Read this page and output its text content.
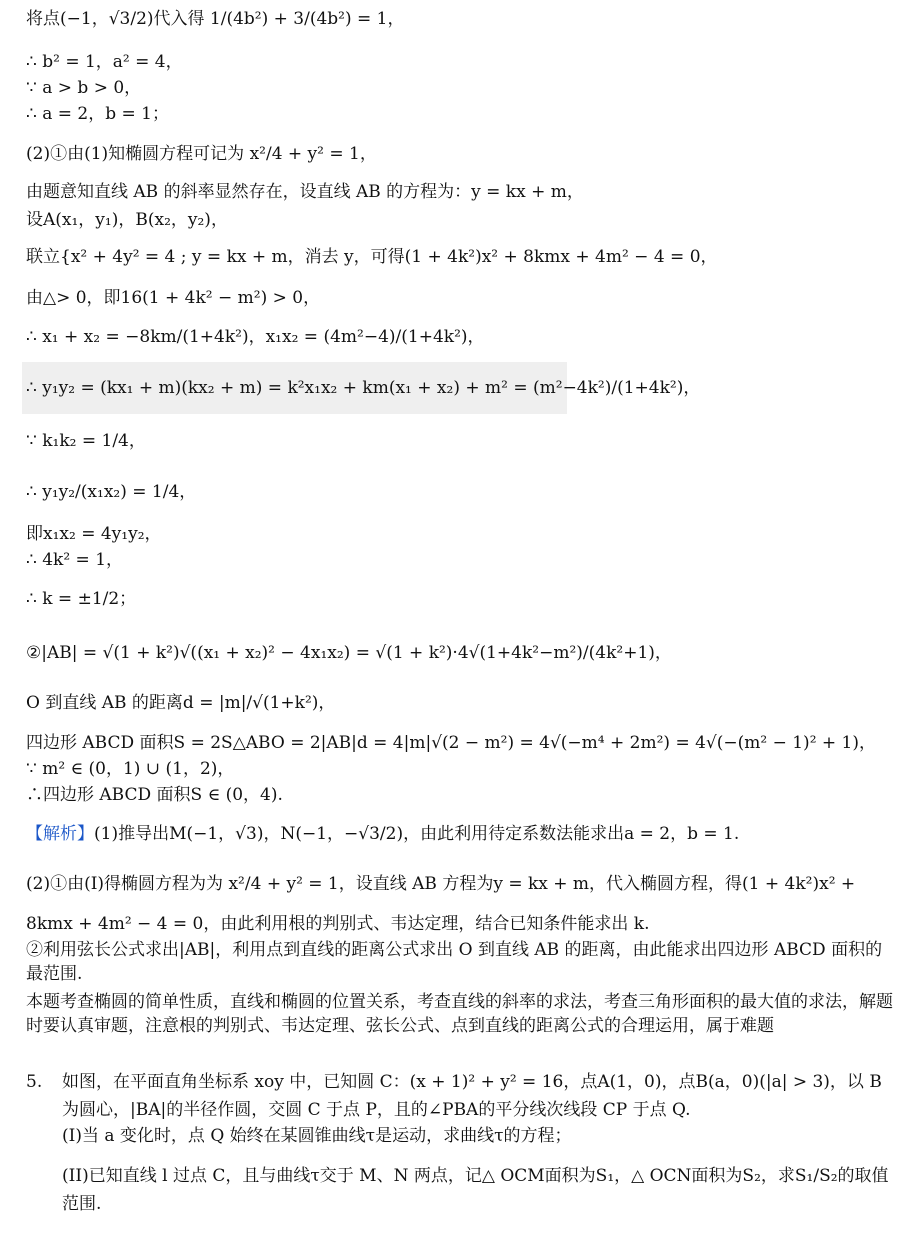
将点(−1，√3/2)代入得 1/(4b²) + 3/(4b²) = 1，
∴ b² = 1，a² = 4，
∵ a > b > 0，
∴ a = 2，b = 1；
(2)①由(1)知椭圆方程可记为 x²/4 + y² = 1，
由题意知直线 AB 的斜率显然存在，设直线 AB 的方程为：y = kx + m，
设A(x₁，y₁)，B(x₂，y₂)，
联立{x² + 4y² = 4 ; y = kx + m，消去 y，可得(1 + 4k²)x² + 8kmx + 4m² − 4 = 0，
由△> 0，即16(1 + 4k² − m²) > 0，
∴ x₁ + x₂ = −8km/(1+4k²)，x₁x₂ = (4m²−4)/(1+4k²)，
∴ y₁y₂ = (kx₁ + m)(kx₂ + m) = k²x₁x₂ + km(x₁ + x₂) + m² = (m²−4k²)/(1+4k²)，
∵ k₁k₂ = 1/4，
∴ y₁y₂/(x₁x₂) = 1/4，
即x₁x₂ = 4y₁y₂，
∴ 4k² = 1，
∴ k = ±1/2；
②|AB| = √(1 + k²)√((x₁ + x₂)² − 4x₁x₂) = √(1 + k²)·4√(1+4k²−m²)/(4k²+1)，
O 到直线 AB 的距离d = |m|/√(1+k²)，
四边形 ABCD 面积S = 2S△ABO = 2|AB|d = 4|m|√(2 − m²) = 4√(−m⁴ + 2m²) = 4√(−(m² − 1)² + 1)，
∵ m² ∈ (0，1) ∪ (1，2)，
∴四边形 ABCD 面积S ∈ (0，4).
【解析】(1)推导出M(−1，√3)，N(−1，−√3/2)，由此利用待定系数法能求出a = 2，b = 1.
(2)①由(Ⅰ)得椭圆方程为为 x²/4 + y² = 1，设直线 AB 方程为y = kx + m，代入椭圆方程，得(1 + 4k²)x² +
8kmx + 4m² − 4 = 0，由此利用根的判别式、韦达定理，结合已知条件能求出 k.
②利用弦长公式求出|AB|，利用点到直线的距离公式求出 O 到直线 AB 的距离，由此能求出四边形 ABCD 面积的最范围.
本题考查椭圆的简单性质，直线和椭圆的位置关系，考查直线的斜率的求法，考查三角形面积的最大值的求法，解题时要认真审题，注意根的判别式、韦达定理、弦长公式、点到直线的距离公式的合理运用，属于难题
5. 如图，在平面直角坐标系 xoy 中，已知圆 C：(x + 1)² + y² = 16，点A(1，0)，点B(a，0)(|a| > 3)，以 B 为圆心，|BA|的半径作圆，交圆 C 于点 P，且的∠PBA的平分线次线段 CP 于点 Q.
(I)当 a 变化时，点 Q 始终在某圆锥曲线τ是运动，求曲线τ的方程；
(II)已知直线 l 过点 C，且与曲线τ交于 M、N 两点，记△ OCM面积为S₁，△ OCN面积为S₂，求S₁/S₂的取值范围.
